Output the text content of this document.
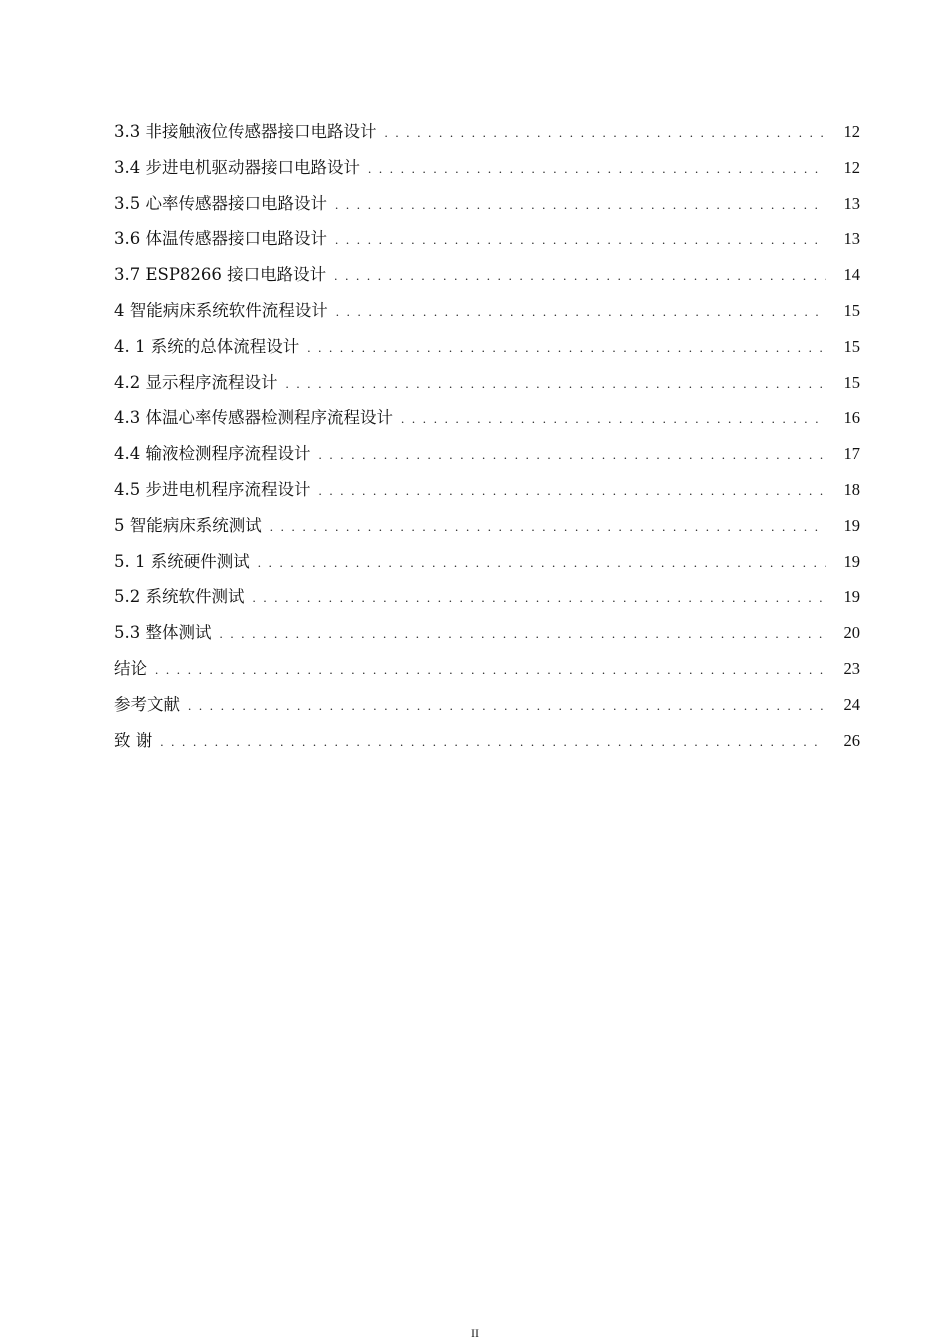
3.3 非接触液位传感器接口电路设计 . . .	12
3.4 步进电机驱动器接口电路设计 . . .	12
3.5 心率传感器接口电路设计 . . .	13
3.6 体温传感器接口电路设计 . . .	13
3.7 ESP8266 接口电路设计 . . .	14
4 智能病床系统软件流程设计 . . .	15
4. 1 系统的总体流程设计 . . .	15
4.2 显示程序流程设计 . . .	15
4.3 体温心率传感器检测程序流程设计 . . .	16
4.4 输液检测程序流程设计 . . .	17
4.5 步进电机程序流程设计 . . .	18
5 智能病床系统测试 . . .	19
5. 1 系统硬件测试 . . .	19
5.2 系统软件测试 . . .	19
5.3 整体测试 . . .	20
结论 . . .	23
参考文献 . . .	24
致 谢 . . .	26
II
